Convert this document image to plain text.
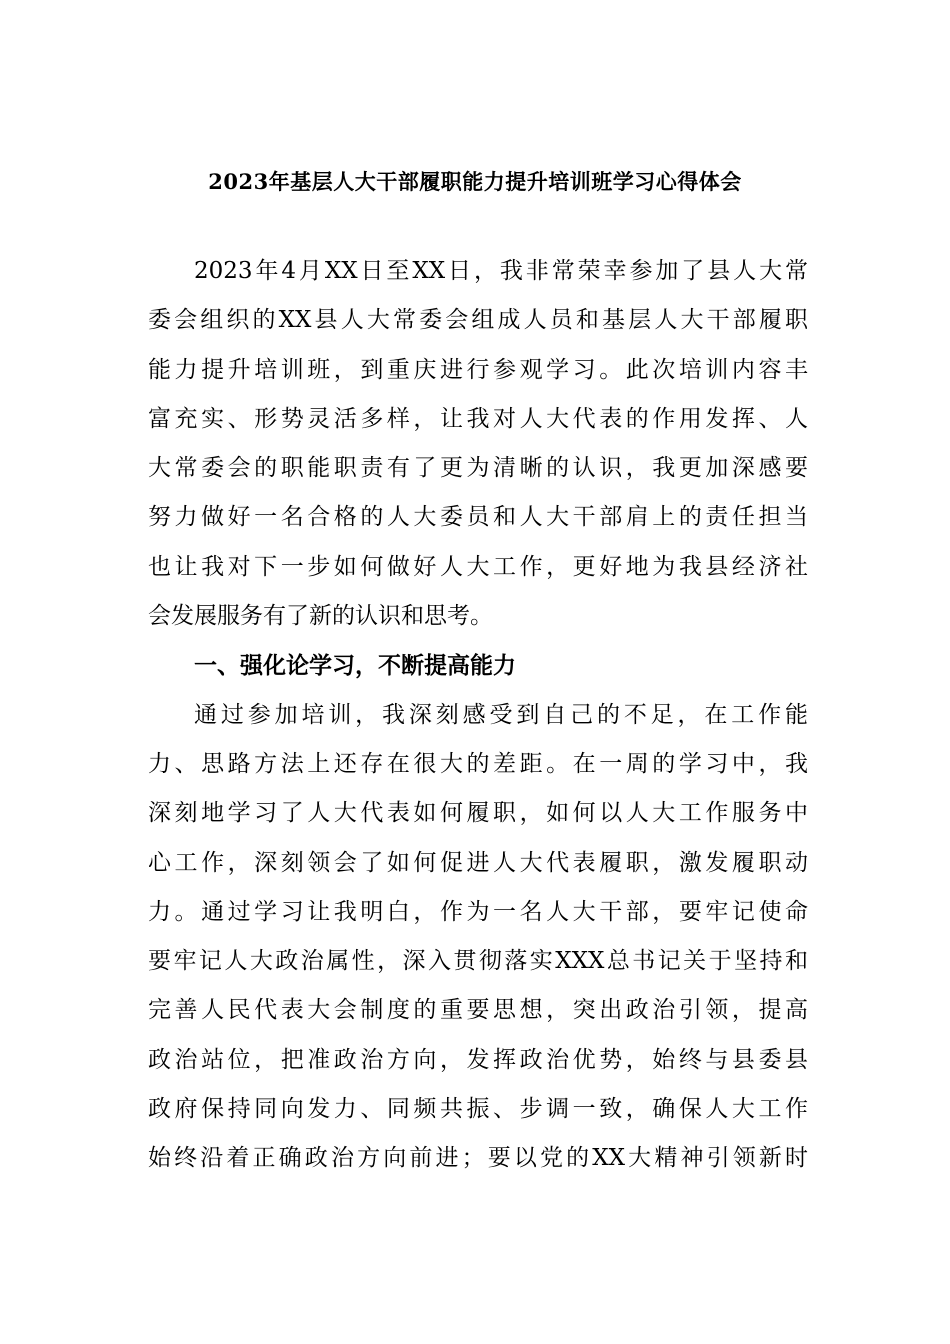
2023年基层人大干部履职能力提升培训班学习心得体会
2023年4月XX日至XX日，我非常荣幸参加了县人大常
委会组织的XX县人大常委会组成人员和基层人大干部履职
能力提升培训班，到重庆进行参观学习。此次培训内容丰
富充实、形势灵活多样，让我对人大代表的作用发挥、人
大常委会的职能职责有了更为清晰的认识，我更加深感要
努力做好一名合格的人大委员和人大干部肩上的责任担当
也让我对下一步如何做好人大工作，更好地为我县经济社
会发展服务有了新的认识和思考。
一、强化论学习，不断提高能力
通过参加培训，我深刻感受到自己的不足，在工作能
力、思路方法上还存在很大的差距。在一周的学习中，我
深刻地学习了人大代表如何履职，如何以人大工作服务中
心工作，深刻领会了如何促进人大代表履职，激发履职动
力。通过学习让我明白，作为一名人大干部，要牢记使命
要牢记人大政治属性，深入贯彻落实XXX总书记关于坚持和
完善人民代表大会制度的重要思想，突出政治引领，提高
政治站位，把准政治方向，发挥政治优势，始终与县委县
政府保持同向发力、同频共振、步调一致，确保人大工作
始终沿着正确政治方向前进；要以党的XX大精神引领新时
